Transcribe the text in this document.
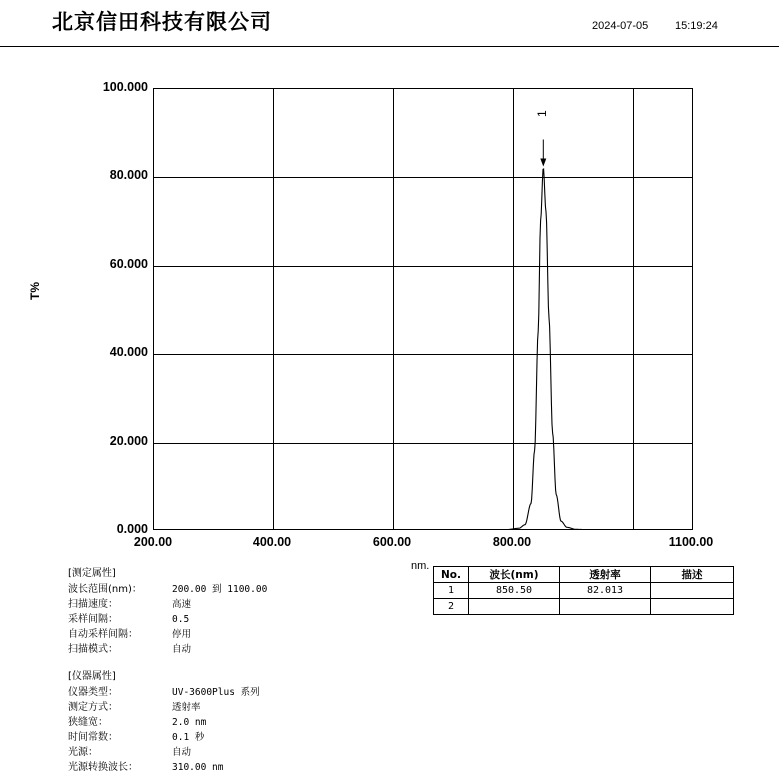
北京信田科技有限公司	2024-07-05 15:19:24
T%
100.000
80.000
60.000
40.000
20.000
0.000
1
200.00	400.00	600.00	800.00	1100.00
nm.
[测定属性]
波长范围(nm)：	200.00 到 1100.00
扫描速度：	高速
采样间隔：	0.5
自动采样间隔：	停用
扫描模式：	自动
[仪器属性]
仪器类型：	UV-3600Plus 系列
测定方式：	透射率
狭缝宽：	2.0 nm
时间常数：	0.1 秒
光源：	自动
光源转换波长：	310.00 nm
No.	波长(nm)	透射率	描述
1	850.50	82.013	
2			
